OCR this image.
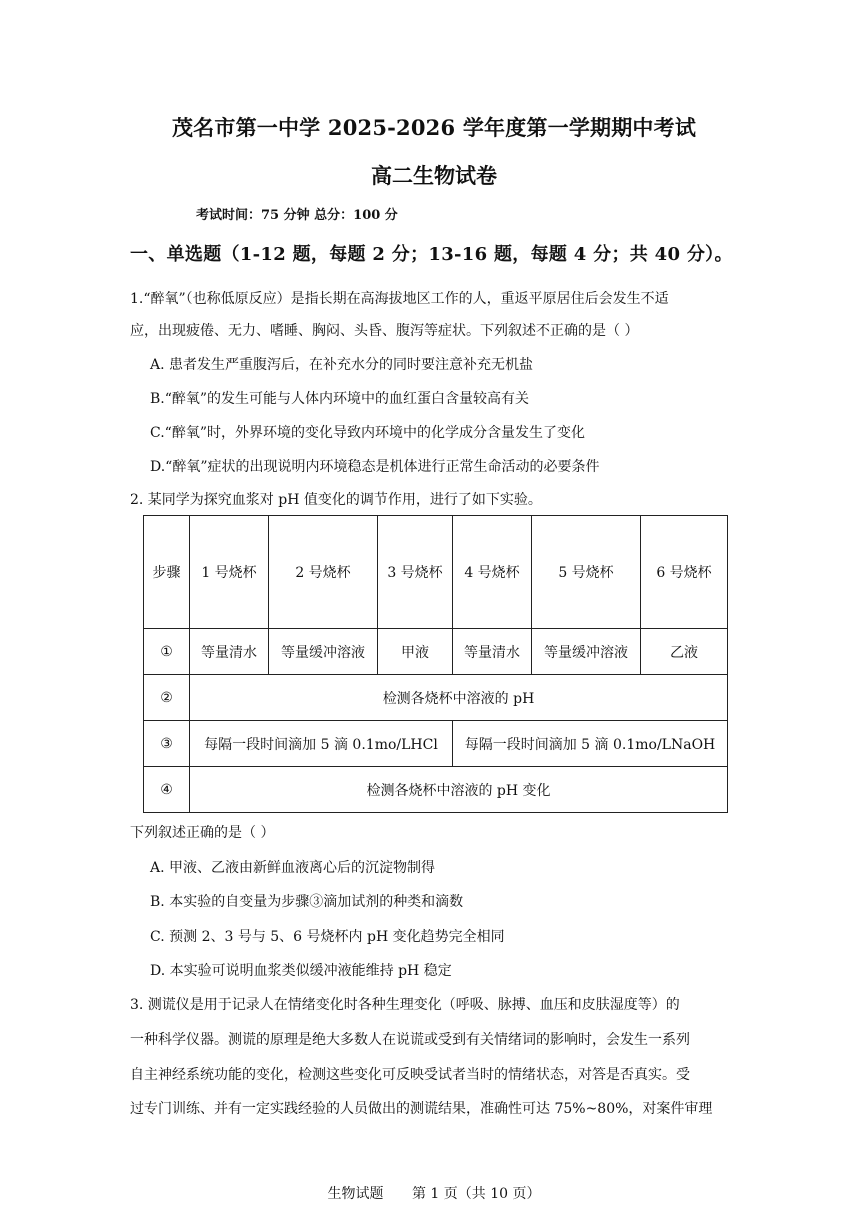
茂名市第一中学 2025-2026 学年度第一学期期中考试
高二生物试卷
考试时间：75 分钟 总分：100 分
一、单选题（1-12 题，每题 2 分；13-16 题，每题 4 分；共 40 分）。
1.“醉氧”（也称低原反应）是指长期在高海拔地区工作的人，重返平原居住后会发生不适
应，出现疲倦、无力、嗜睡、胸闷、头昏、腹泻等症状。下列叙述不正确的是（ ）
A. 患者发生严重腹泻后，在补充水分的同时要注意补充无机盐
B.“醉氧”的发生可能与人体内环境中的血红蛋白含量较高有关
C.“醉氧”时，外界环境的变化导致内环境中的化学成分含量发生了变化
D.“醉氧”症状的出现说明内环境稳态是机体进行正常生命活动的必要条件
2. 某同学为探究血浆对 pH 值变化的调节作用，进行了如下实验。
步骤	1 号烧杯	2 号烧杯	3 号烧杯	4 号烧杯	5 号烧杯	6 号烧杯
①	等量清水	等量缓冲溶液	甲液	等量清水	等量缓冲溶液	乙液
②	检测各烧杯中溶液的 pH					
③	每隔一段时间滴加 5 滴 0.1mo/LHCl			每隔一段时间滴加 5 滴 0.1mo/LNaOH		
④	检测各烧杯中溶液的 pH 变化					
下列叙述正确的是（ ）
A. 甲液、乙液由新鲜血液离心后的沉淀物制得
B. 本实验的自变量为步骤③滴加试剂的种类和滴数
C. 预测 2、3 号与 5、6 号烧杯内 pH 变化趋势完全相同
D. 本实验可说明血浆类似缓冲液能维持 pH 稳定
3. 测谎仪是用于记录人在情绪变化时各种生理变化（呼吸、脉搏、血压和皮肤湿度等）的
一种科学仪器。测谎的原理是绝大多数人在说谎或受到有关情绪词的影响时，会发生一系列
自主神经系统功能的变化，检测这些变化可反映受试者当时的情绪状态，对答是否真实。受
过专门训练、并有一定实践经验的人员做出的测谎结果，准确性可达 75%~80%，对案件审理
生物试题 第 1 页（共 10 页）
